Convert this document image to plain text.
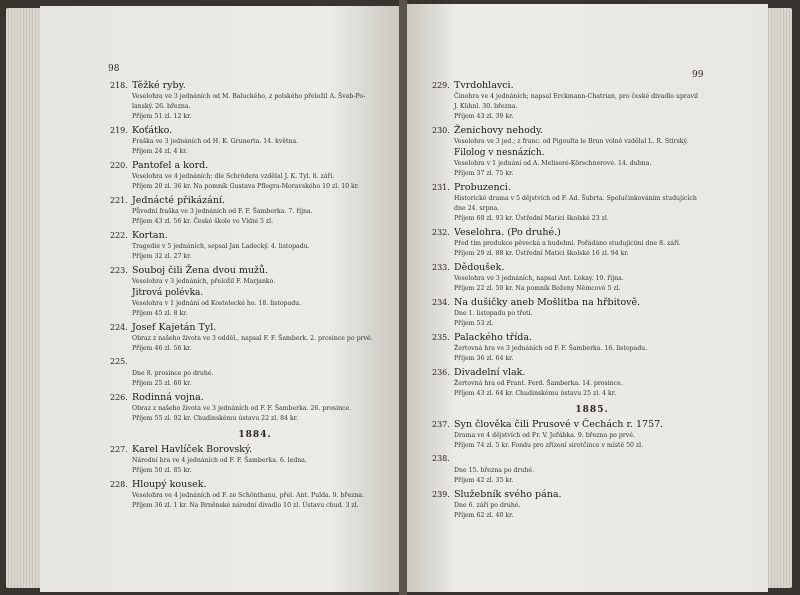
98
218. Těžké ryby.
Veselohra ve 3 jednáních od M. Baluckého, z polského přeložil A. Švab-Po-
lanský. 26. března.
Příjem 51 zl. 12 kr.
219. Koťátko.
Fraška ve 3 jednáních od H. K. Grunerta. 14. května.
Příjem 24 zl. 4 kr.
220. Pantofel a kord.
Veselohra ve 4 jednáních; dle Schrödera vzdělal J. K. Tyl. 8. září.
Příjem 20 zl. 36 kr. Na pomník Gustava Pflegra-Moravského 10 zl. 10 kr.
221. Jednácté přikázání.
Původní fraška ve 3 jednáních od F. F. Šamberka. 7. října.
Příjem 43 zl. 56 kr. České škole ve Vídni 5 zl.
222. Kortan.
Tragedie v 5 jednáních, sepsal Jan Ladecký. 4. listopadu.
Příjem 32 zl. 27 kr.
223. Souboj čili Žena dvou mužů.
Veselohra v 3 jednáních, přeložil F. Marjanko.
Jitrová polévka.
Veselohra v 1 jednání od Kostelecké ho. 18. listopadu.
Příjem 45 zl. 8 kr.
224. Josef Kajetán Tyl.
Obraz z našeho života ve 3 odděl., napsal F. F. Šamberk. 2. prosince po prvé.
Příjem 46 zl. 56 kr.
225.
Dne 8. prosince po druhé.
Příjem 25 zl. 60 kr.
226. Rodinná vojna.
Obraz z našeho života ve 3 jednáních od F. F. Šamberka. 26. prosince.
Příjem 55 zl. 92 kr. Chudinskému ústavu 22 zl. 84 kr.
1884.
227. Karel Havlíček Borovský.
Národní hra ve 4 jednáních od F. F. Šamberka. 6. ledna.
Příjem 50 zl. 85 kr.
228. Hloupý kousek.
Veselohra ve 4 jednáních od F. ze Schönthanu, přel. Ant. Pulda. 9. března.
Příjem 36 zl. 1 kr. Na Brněnské národní divadlo 10 zl. Ústavu chud. 3 zl.
99
229. Tvrdohlavci.
Činohra ve 4 jednáních; napsal Erckmann-Chatrian, pro české divadlo upravil
J. Kühnl. 30. března.
Příjem 43 zl. 39 kr.
230. Ženichovy nehody.
Veselohra ve 3 jed.; z franc. od Pigoulta le Brun volně vzdělal L. R. Stírský.
Filolog v nesnázích.
Veselohra v 1 jednání od A. Meliseré-Körschnerové. 14. dubna.
Příjem 37 zl. 75 kr.
231. Probuzenci.
Historické drama v 5 dějstvích od F. Ad. Šubrta. Spolučinkováním studujících
dne 24. srpna.
Příjem 60 zl. 93 kr. Ústřední Matici školské 23 zl.
232. Veselohra. (Po druhé.)
Před tím produkce pěvecká a hudební. Pořádáno studujícími dne 8. září.
Příjem 29 zl. 88 kr. Ústřední Matici školské 16 zl. 94 kr.
233. Dědoušek.
Veselohra ve 3 jednáních, napsal Ant. Lokay. 19. října.
Příjem 22 zl. 50 kr. Na pomník Boženy Němcové 5 zl.
234. Na dušičky aneb Mošlitba na hřbitově.
Dne 1. listopadu po třetí.
Příjem 53 zl.
235. Palackého třída.
Žertovná hra ve 3 jednáních od F. F. Šamberka. 16. listopadu.
Příjem 36 zl. 64 kr.
236. Divadelní vlak.
Žertovná hra od Frant. Ferd. Šamberka. 14. prosince.
Příjem 43 zl. 64 kr. Chudinskému ústavu 25 zl. 4 kr.
1885.
237. Syn člověka čili Prusové v Čechách r. 1757.
Drama ve 4 dějstvích od Fr. V. Jeřábka. 9. března po prvé.
Příjem 74 zl. 5 kr. Fondu pro zřízení sirotčince v místě 50 zl.
238.
Dne 15. března po druhé.
Příjem 42 zl. 35 kr.
239. Služebník svého pána.
Dne 6. září po druhé.
Příjem 62 zl. 40 kr.
